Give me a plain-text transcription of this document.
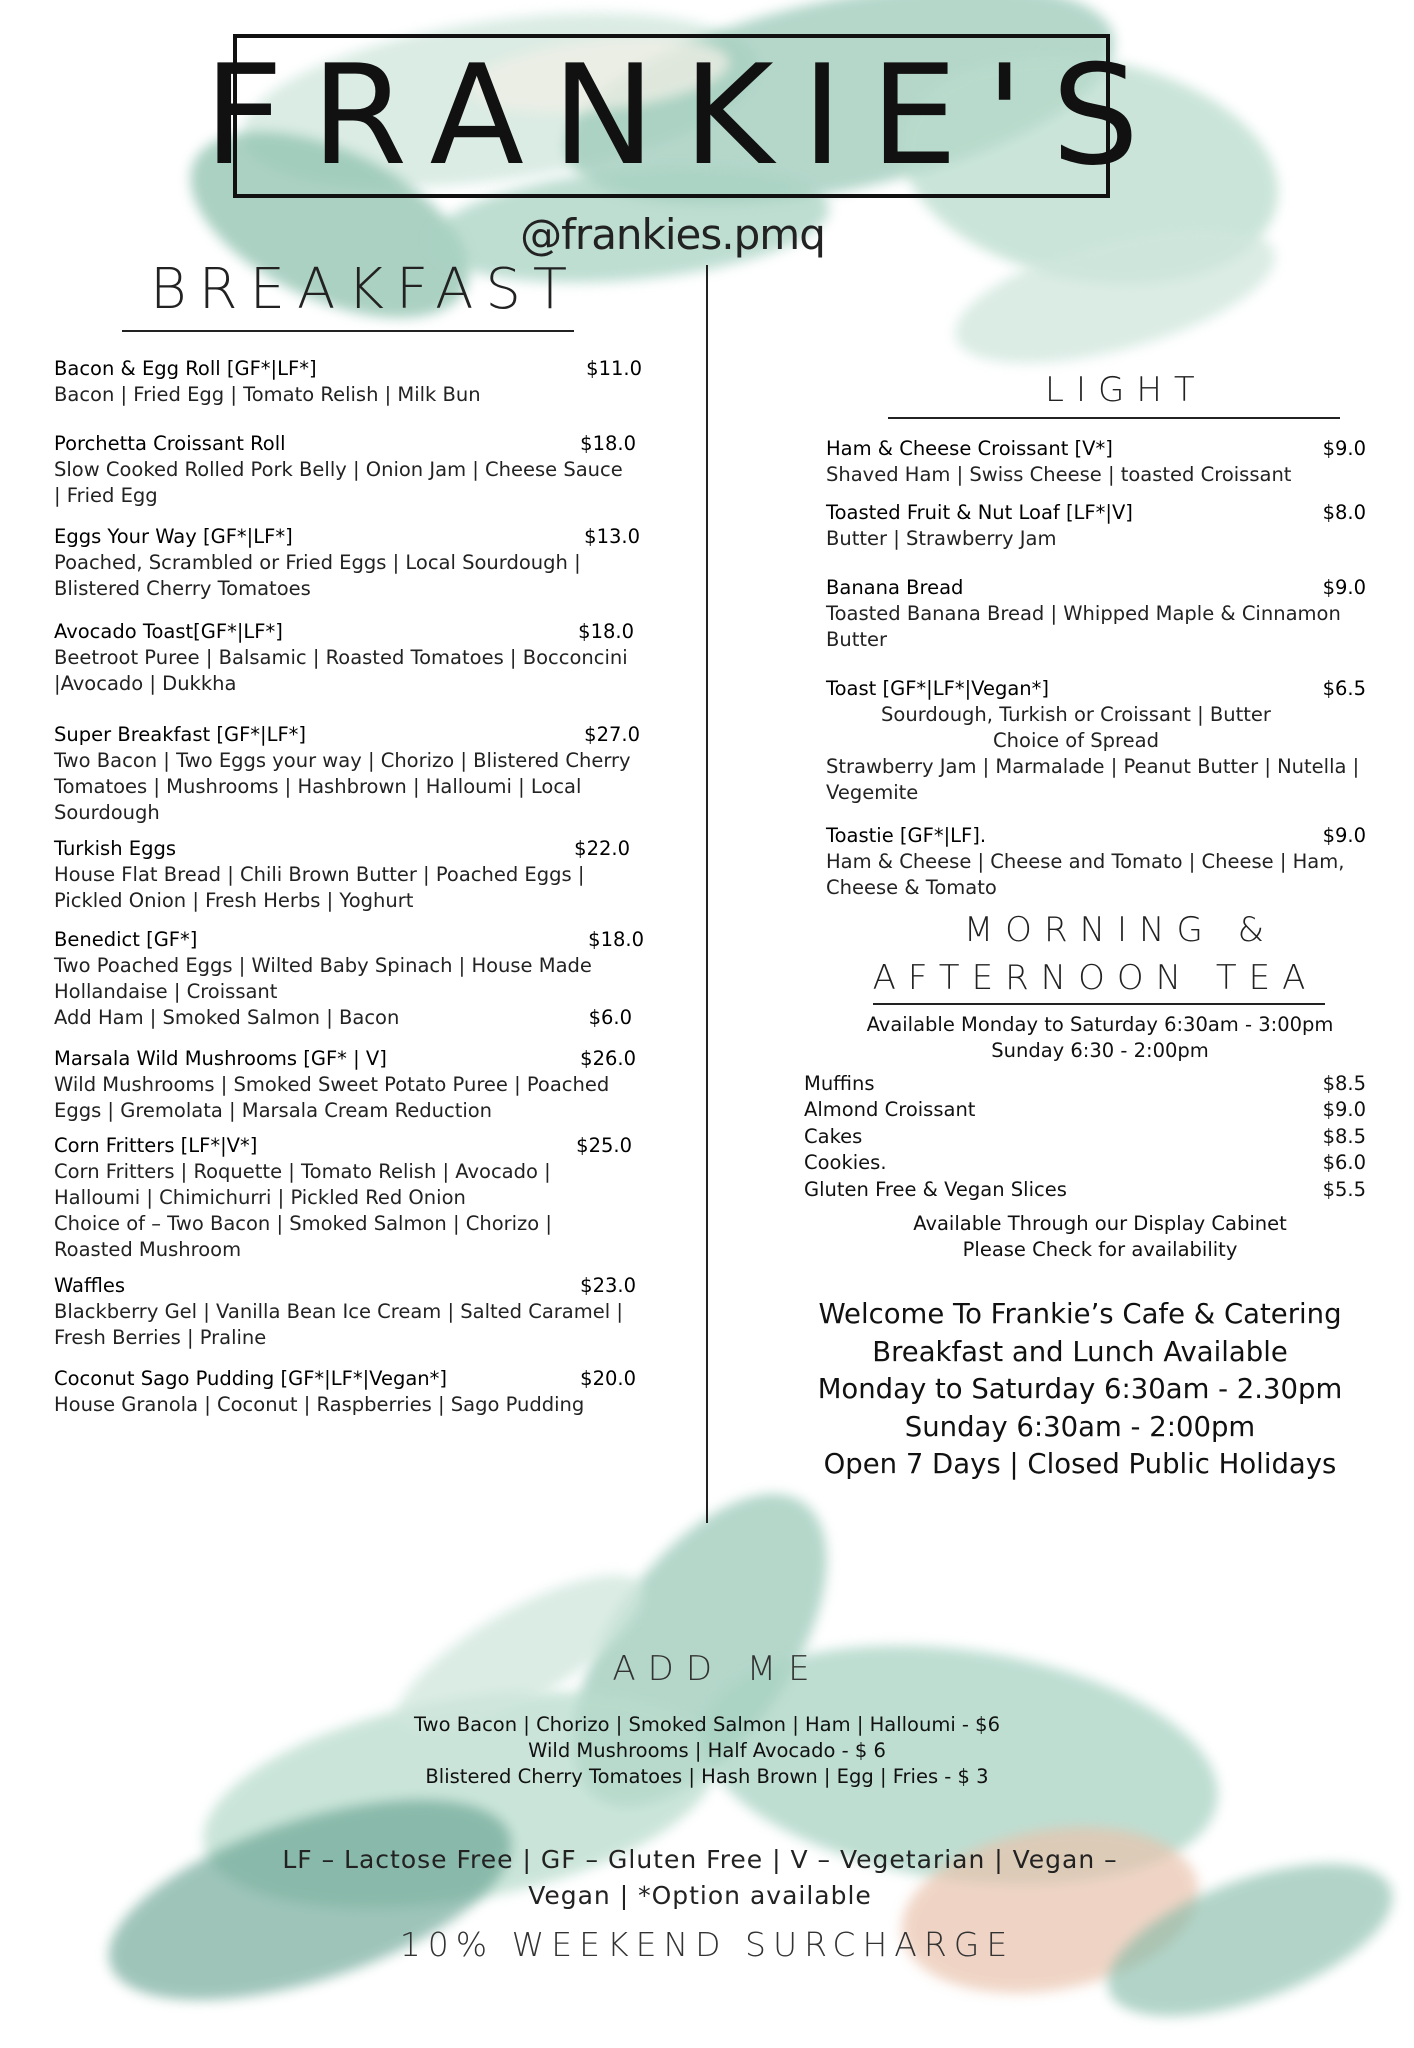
FRANKIE'S
@frankies.pmq
BREAKFAST
Bacon & Egg Roll [GF*|LF*]	$11.0
Bacon | Fried Egg | Tomato Relish | Milk Bun
Porchetta Croissant Roll	$18.0
Slow Cooked Rolled Pork Belly | Onion Jam | Cheese Sauce
| Fried Egg
Eggs Your Way [GF*|LF*]	$13.0
Poached, Scrambled or Fried Eggs | Local Sourdough |
Blistered Cherry Tomatoes
Avocado Toast[GF*|LF*]	$18.0
Beetroot Puree | Balsamic | Roasted Tomatoes | Bocconcini
|Avocado | Dukkha
Super Breakfast [GF*|LF*]	$27.0
Two Bacon | Two Eggs your way | Chorizo | Blistered Cherry
Tomatoes | Mushrooms | Hashbrown | Halloumi | Local
Sourdough
Turkish Eggs	$22.0
House Flat Bread | Chili Brown Butter | Poached Eggs |
Pickled Onion | Fresh Herbs | Yoghurt
Benedict [GF*]	$18.0
Two Poached Eggs | Wilted Baby Spinach | House Made
Hollandaise | Croissant
Add Ham | Smoked Salmon | Bacon	$6.0
Marsala Wild Mushrooms [GF* | V]	$26.0
Wild Mushrooms | Smoked Sweet Potato Puree | Poached
Eggs | Gremolata | Marsala Cream Reduction
Corn Fritters [LF*|V*]	$25.0
Corn Fritters | Roquette | Tomato Relish | Avocado |
Halloumi | Chimichurri | Pickled Red Onion
Choice of – Two Bacon | Smoked Salmon | Chorizo |
Roasted Mushroom
Waffles	$23.0
Blackberry Gel | Vanilla Bean Ice Cream | Salted Caramel |
Fresh Berries | Praline
Coconut Sago Pudding [GF*|LF*|Vegan*]	$20.0
House Granola | Coconut | Raspberries | Sago Pudding
LIGHT
Ham & Cheese Croissant [V*]	$9.0
Shaved Ham | Swiss Cheese | toasted Croissant
Toasted Fruit & Nut Loaf [LF*|V]	$8.0
Butter | Strawberry Jam
Banana Bread	$9.0
Toasted Banana Bread | Whipped Maple & Cinnamon
Butter
Toast [GF*|LF*|Vegan*]	$6.5
Sourdough, Turkish or Croissant | Butter
Choice of Spread
Strawberry Jam | Marmalade | Peanut Butter | Nutella |
Vegemite
Toastie [GF*|LF].	$9.0
Ham & Cheese | Cheese and Tomato | Cheese | Ham,
Cheese & Tomato
MORNING &
AFTERNOON TEA
Available Monday to Saturday 6:30am - 3:00pm
Sunday 6:30 - 2:00pm
Muffins	$8.5
Almond Croissant	$9.0
Cakes	$8.5
Cookies.	$6.0
Gluten Free & Vegan Slices	$5.5
Available Through our Display Cabinet
Please Check for availability
Welcome To Frankie’s Cafe & Catering
Breakfast and Lunch Available
Monday to Saturday 6:30am - 2.30pm
Sunday 6:30am - 2:00pm
Open 7 Days | Closed Public Holidays
ADD ME
Two Bacon | Chorizo | Smoked Salmon | Ham | Halloumi - $6
Wild Mushrooms | Half Avocado - $ 6
Blistered Cherry Tomatoes | Hash Brown | Egg | Fries - $ 3
LF – Lactose Free | GF – Gluten Free | V – Vegetarian | Vegan –
Vegan | *Option available
10% WEEKEND SURCHARGE
